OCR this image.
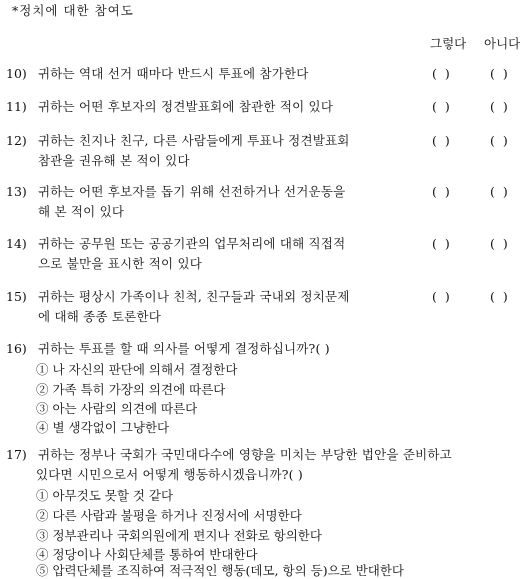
*정치에 대한 참여도
그렇다 아니다
10) 귀하는 역대 선거 때마다 반드시 투표에 참가한다	( )	( )
11) 귀하는 어떤 후보자의 정견발표회에 참관한 적이 있다	( )	( )
12) 귀하는 친지나 친구, 다른 사람들에게 투표나 정견발표회
참관을 권유해 본 적이 있다
( )	( )
13) 귀하는 어떤 후보자를 돕기 위해 선전하거나 선거운동을
해 본 적이 있다
( )	( )
14) 귀하는 공무원 또는 공공기관의 업무처리에 대해 직접적
으로 불만을 표시한 적이 있다
( )	( )
15) 귀하는 평상시 가족이나 친척, 친구들과 국내외 정치문제
에 대해 종종 토론한다
( )	( )
16) 귀하는 투표를 할 때 의사를 어떻게 결정하십니까?( )
① 나 자신의 판단에 의해서 결정한다
② 가족 특히 가장의 의견에 따른다
③ 아는 사람의 의견에 따른다
④ 별 생각없이 그냥한다
17) 귀하는 정부나 국회가 국민대다수에 영향을 미치는 부당한 법안을 준비하고
있다면 시민으로서 어떻게 행동하시겠읍니까?( )
① 아무것도 못할 것 같다
② 다른 사람과 불평을 하거나 진정서에 서명한다
③ 정부관리나 국회의원에게 편지나 전화로 항의한다
④ 정당이나 사회단체를 통하여 반대한다
⑤ 압력단체를 조직하여 적극적인 행동(데모, 항의 등)으로 반대한다
